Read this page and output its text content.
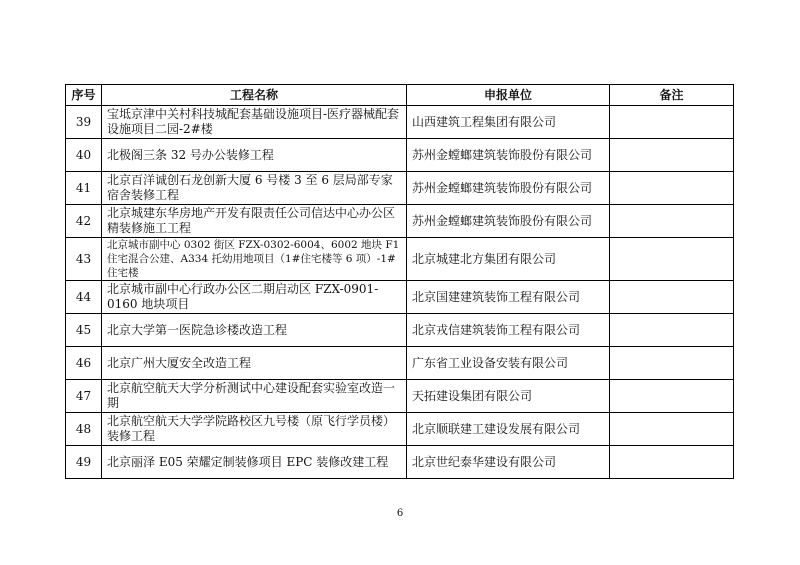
序号	工程名称	申报单位	备注
39	宝坻京津中关村科技城配套基础设施项目-医疗器械配套设施项目二园-2#楼	山西建筑工程集团有限公司	
40	北极阁三条 32 号办公装修工程	苏州金螳螂建筑装饰股份有限公司	
41	北京百洋诚创石龙创新大厦 6 号楼 3 至 6 层局部专家宿舍装修工程	苏州金螳螂建筑装饰股份有限公司	
42	北京城建东华房地产开发有限责任公司信达中心办公区精装修施工工程	苏州金螳螂建筑装饰股份有限公司	
43	北京城市副中心 0302 街区 FZX-0302-6004、6002 地块 F1 住宅混合公建、A334 托幼用地项目（1#住宅楼等 6 项）-1#住宅楼	北京城建北方集团有限公司	
44	北京城市副中心行政办公区二期启动区 FZX-0901-0160 地块项目	北京国建建筑装饰工程有限公司	
45	北京大学第一医院急诊楼改造工程	北京戎信建筑装饰工程有限公司	
46	北京广州大厦安全改造工程	广东省工业设备安装有限公司	
47	北京航空航天大学分析测试中心建设配套实验室改造一期	天拓建设集团有限公司	
48	北京航空航天大学学院路校区九号楼（原飞行学员楼）装修工程	北京顺联建工建设发展有限公司	
49	北京丽泽 E05 荣耀定制装修项目 EPC 装修改建工程	北京世纪泰华建设有限公司	
6
